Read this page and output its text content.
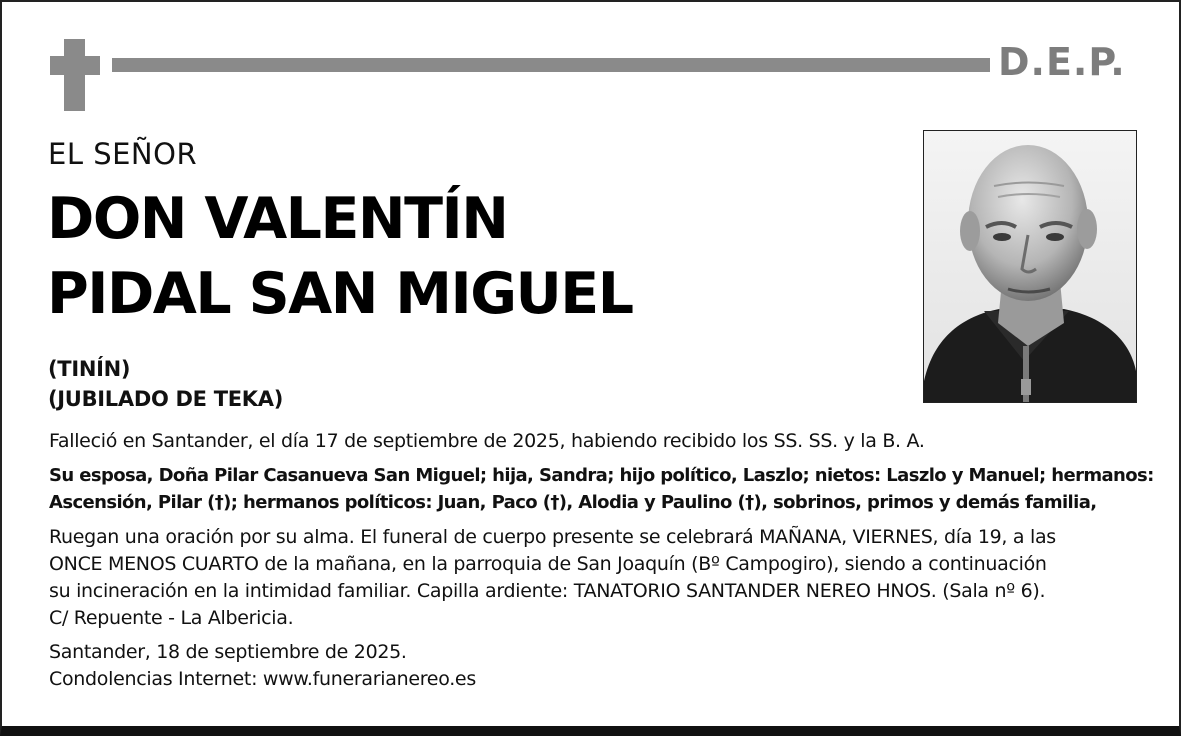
D.E.P.
EL SEÑOR
DON VALENTÍN
PIDAL SAN MIGUEL
(TINÍN)
(JUBILADO DE TEKA)
Falleció en Santander, el día 17 de septiembre de 2025, habiendo recibido los SS. SS. y la B. A.
Su esposa, Doña Pilar Casanueva San Miguel; hija, Sandra; hijo político, Laszlo; nietos: Laszlo y Manuel; hermanos:
Ascensión, Pilar (†); hermanos políticos: Juan, Paco (†), Alodia y Paulino (†), sobrinos, primos y demás familia,
Ruegan una oración por su alma. El funeral de cuerpo presente se celebrará MAÑANA, VIERNES, día 19, a las
ONCE MENOS CUARTO de la mañana, en la parroquia de San Joaquín (Bº Campogiro), siendo a continuación
su incineración en la intimidad familiar. Capilla ardiente: TANATORIO SANTANDER NEREO HNOS. (Sala nº 6).
C/ Repuente - La Albericia.
Santander, 18 de septiembre de 2025.
Condolencias Internet: www.funerarianereo.es
